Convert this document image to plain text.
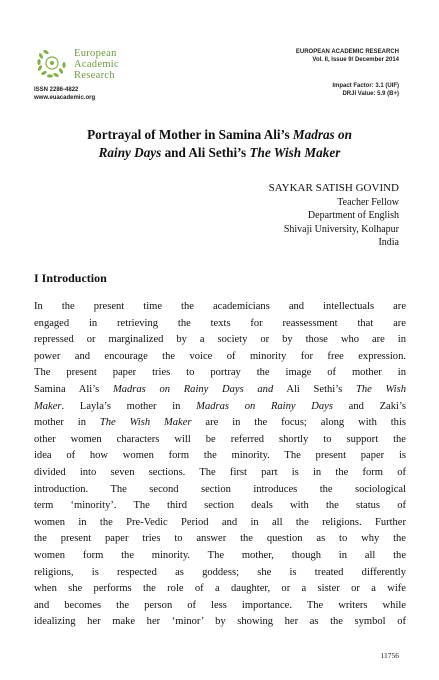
European
Academic
Research
ISSN 2286-4822
www.euacademic.org
EUROPEAN ACADEMIC RESEARCH
Vol. II, Issue 9/ December 2014
Impact Factor: 3.1 (UIF)
DRJI Value: 5.9 (B+)
Portrayal of Mother in Samina Ali’s Madras on
Rainy Days and Ali Sethi’s The Wish Maker
SAYKAR SATISH GOVIND
Teacher Fellow
Department of English
Shivaji University, Kolhapur
India
I Introduction
In the present time the academicians and intellectuals are
engaged in retrieving the texts for reassessment that are
repressed or marginalized by a society or by those who are in
power and encourage the voice of minority for free expression.
The present paper tries to portray the image of mother in
Samina Ali’s Madras on Rainy Days and Ali Sethi’s The Wish
Maker. Layla’s mother in Madras on Rainy Days and Zaki’s
mother in The Wish Maker are in the focus; along with this
other women characters will be referred shortly to support the
idea of how women form the minority. The present paper is
divided into seven sections. The first part is in the form of
introduction. The second section introduces the sociological
term ‘minority’. The third section deals with the status of
women in the Pre-Vedic Period and in all the religions. Further
the present paper tries to answer the question as to why the
women form the minority. The mother, though in all the
religions, is respected as goddess; she is treated differently
when she performs the role of a daughter, or a sister or a wife
and becomes the person of less importance. The writers while
idealizing her make her ‘minor’ by showing her as the symbol of
11756
